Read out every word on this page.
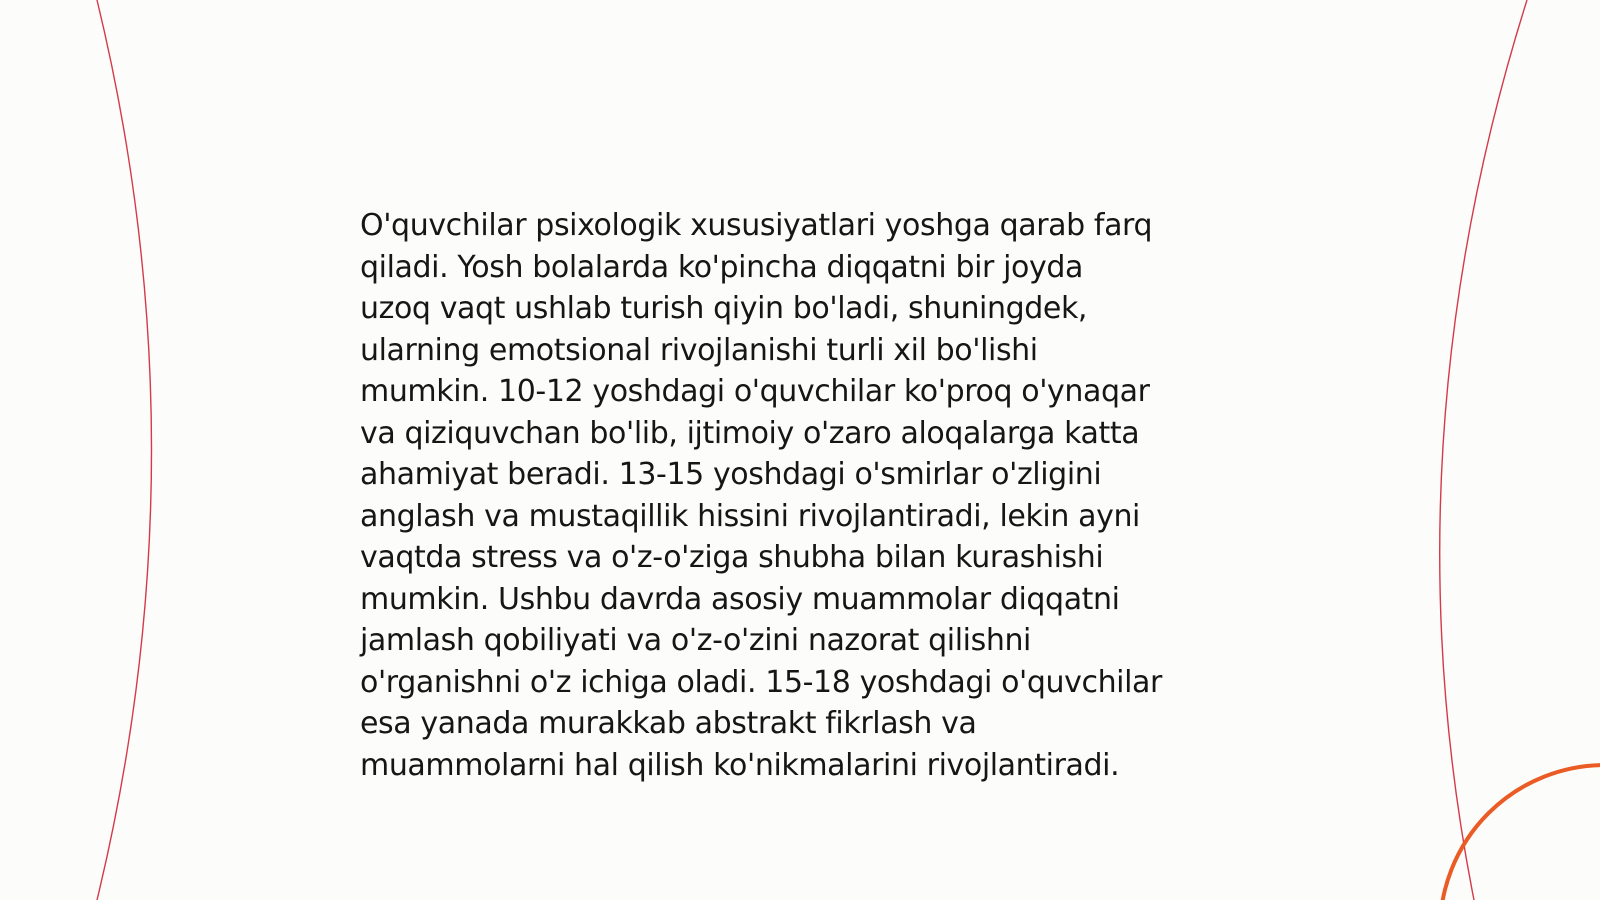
O'quvchilar psixologik xususiyatlari yoshga qarab farq
qiladi. Yosh bolalarda ko'pincha diqqatni bir joyda
uzoq vaqt ushlab turish qiyin bo'ladi, shuningdek,
ularning emotsional rivojlanishi turli xil bo'lishi
mumkin. 10-12 yoshdagi o'quvchilar ko'proq o'ynaqar
va qiziquvchan bo'lib, ijtimoiy o'zaro aloqalarga katta
ahamiyat beradi. 13-15 yoshdagi o'smirlar o'zligini
anglash va mustaqillik hissini rivojlantiradi, lekin ayni
vaqtda stress va o'z-o'ziga shubha bilan kurashishi
mumkin. Ushbu davrda asosiy muammolar diqqatni
jamlash qobiliyati va o'z-o'zini nazorat qilishni
o'rganishni o'z ichiga oladi. 15-18 yoshdagi o'quvchilar
esa yanada murakkab abstrakt fikrlash va
muammolarni hal qilish ko'nikmalarini rivojlantiradi.
